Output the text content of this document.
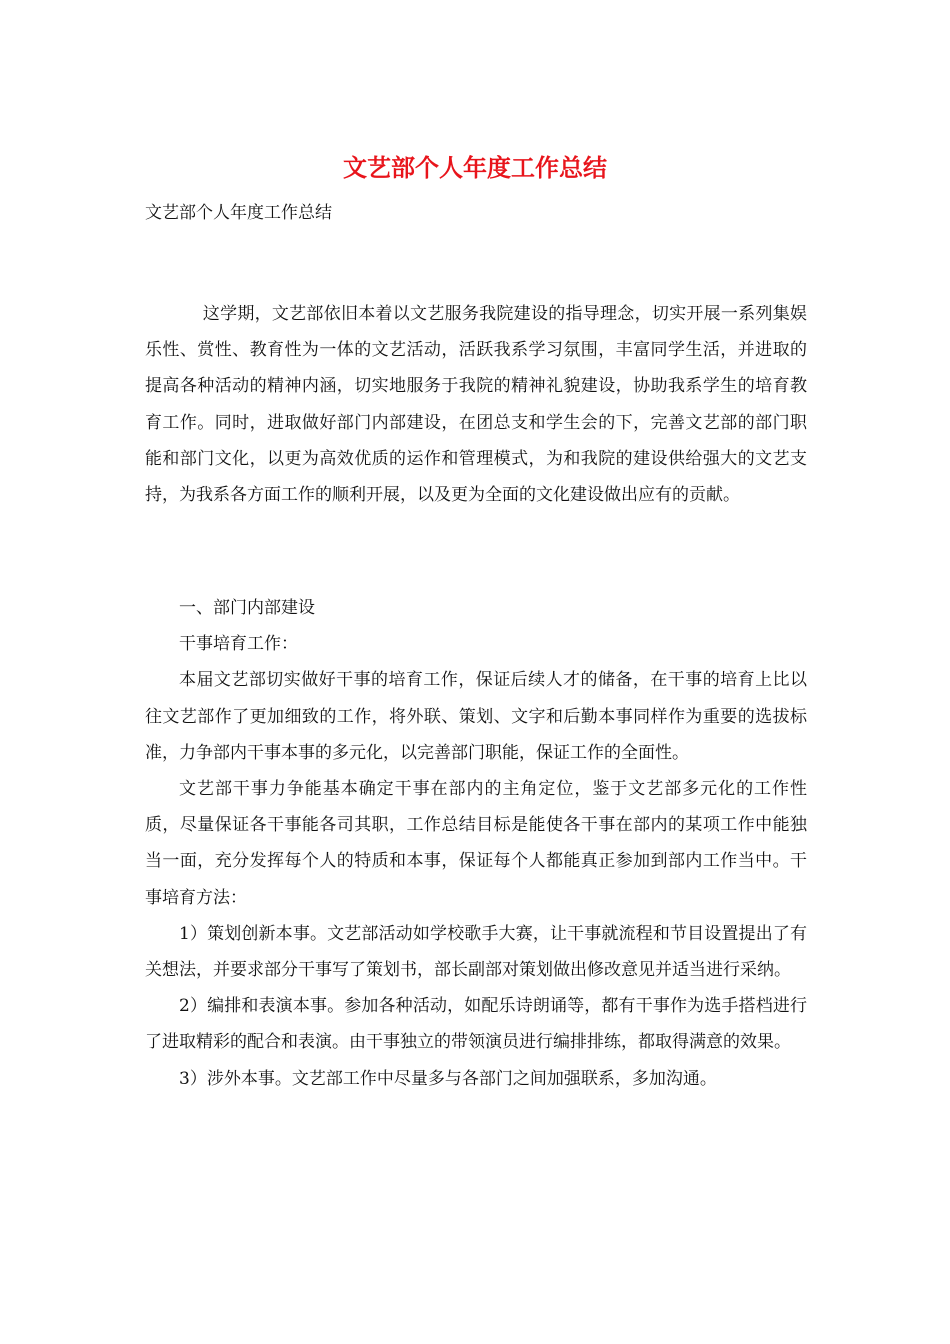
文艺部个人年度工作总结
文艺部个人年度工作总结

这学期，文艺部依旧本着以文艺服务我院建设的指导理念，切实开展一系列集娱乐性、赏性、教育性为一体的文艺活动，活跃我系学习氛围，丰富同学生活，并进取的提高各种活动的精神内涵，切实地服务于我院的精神礼貌建设，协助我系学生的培育教育工作。同时，进取做好部门内部建设，在团总支和学生会的下，完善文艺部的部门职能和部门文化，以更为高效优质的运作和管理模式，为和我院的建设供给强大的文艺支持，为我系各方面工作的顺利开展，以及更为全面的文化建设做出应有的贡献。

一、部门内部建设

干事培育工作：

本届文艺部切实做好干事的培育工作，保证后续人才的储备，在干事的培育上比以往文艺部作了更加细致的工作，将外联、策划、文字和后勤本事同样作为重要的选拔标准，力争部内干事本事的多元化，以完善部门职能，保证工作的全面性。

文艺部干事力争能基本确定干事在部内的主角定位，鉴于文艺部多元化的工作性质，尽量保证各干事能各司其职，工作总结目标是能使各干事在部内的某项工作中能独当一面，充分发挥每个人的特质和本事，保证每个人都能真正参加到部内工作当中。干事培育方法：

1）策划创新本事。文艺部活动如学校歌手大赛，让干事就流程和节目设置提出了有关想法，并要求部分干事写了策划书，部长副部对策划做出修改意见并适当进行采纳。

2）编排和表演本事。参加各种活动，如配乐诗朗诵等，都有干事作为选手搭档进行了进取精彩的配合和表演。由干事独立的带领演员进行编排排练，都取得满意的效果。

3）涉外本事。文艺部工作中尽量多与各部门之间加强联系，多加沟通。
